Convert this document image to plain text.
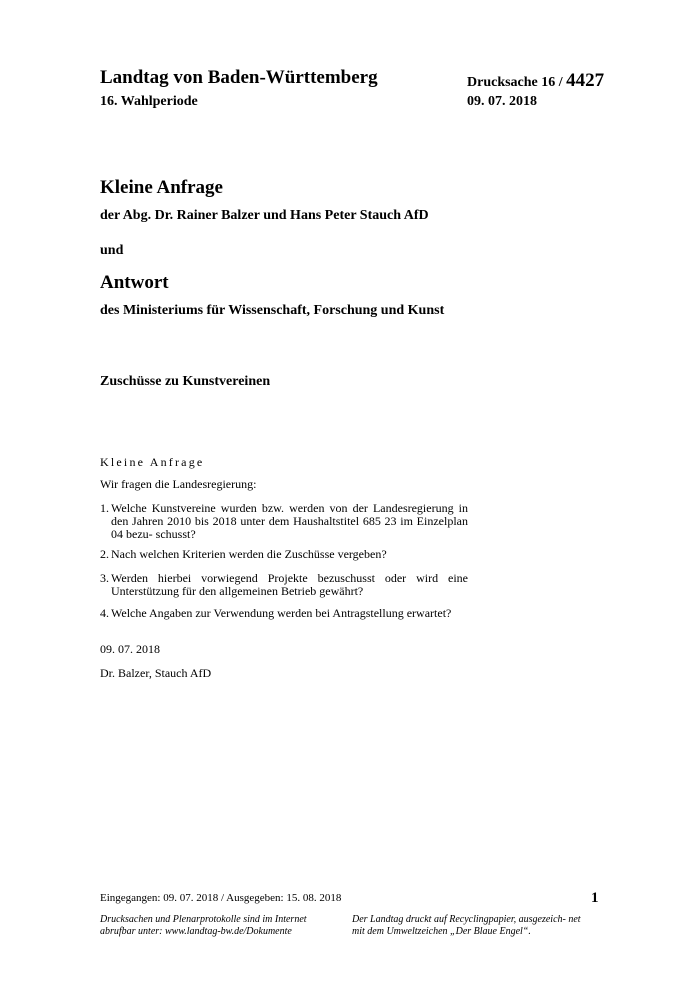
Landtag von Baden-Württemberg
16. Wahlperiode
Drucksache 16 / 4427
09. 07. 2018
Kleine Anfrage
der Abg. Dr. Rainer Balzer und Hans Peter Stauch AfD
und
Antwort
des Ministeriums für Wissenschaft, Forschung und Kunst
Zuschüsse zu Kunstvereinen
Kleine Anfrage
Wir fragen die Landesregierung:
1. Welche Kunstvereine wurden bzw. werden von der Landesregierung in den Jahren 2010 bis 2018 unter dem Haushaltstitel 685 23 im Einzelplan 04 bezu- schusst?
2. Nach welchen Kriterien werden die Zuschüsse vergeben?
3. Werden hierbei vorwiegend Projekte bezuschusst oder wird eine Unterstützung für den allgemeinen Betrieb gewährt?
4. Welche Angaben zur Verwendung werden bei Antragstellung erwartet?
09. 07. 2018
Dr. Balzer, Stauch AfD
Eingegangen: 09. 07. 2018 / Ausgegeben: 15. 08. 2018	1
Drucksachen und Plenarprotokolle sind im Internet abrufbar unter: www.landtag-bw.de/Dokumente
Der Landtag druckt auf Recyclingpapier, ausgezeich- net mit dem Umweltzeichen „Der Blaue Engel“.
